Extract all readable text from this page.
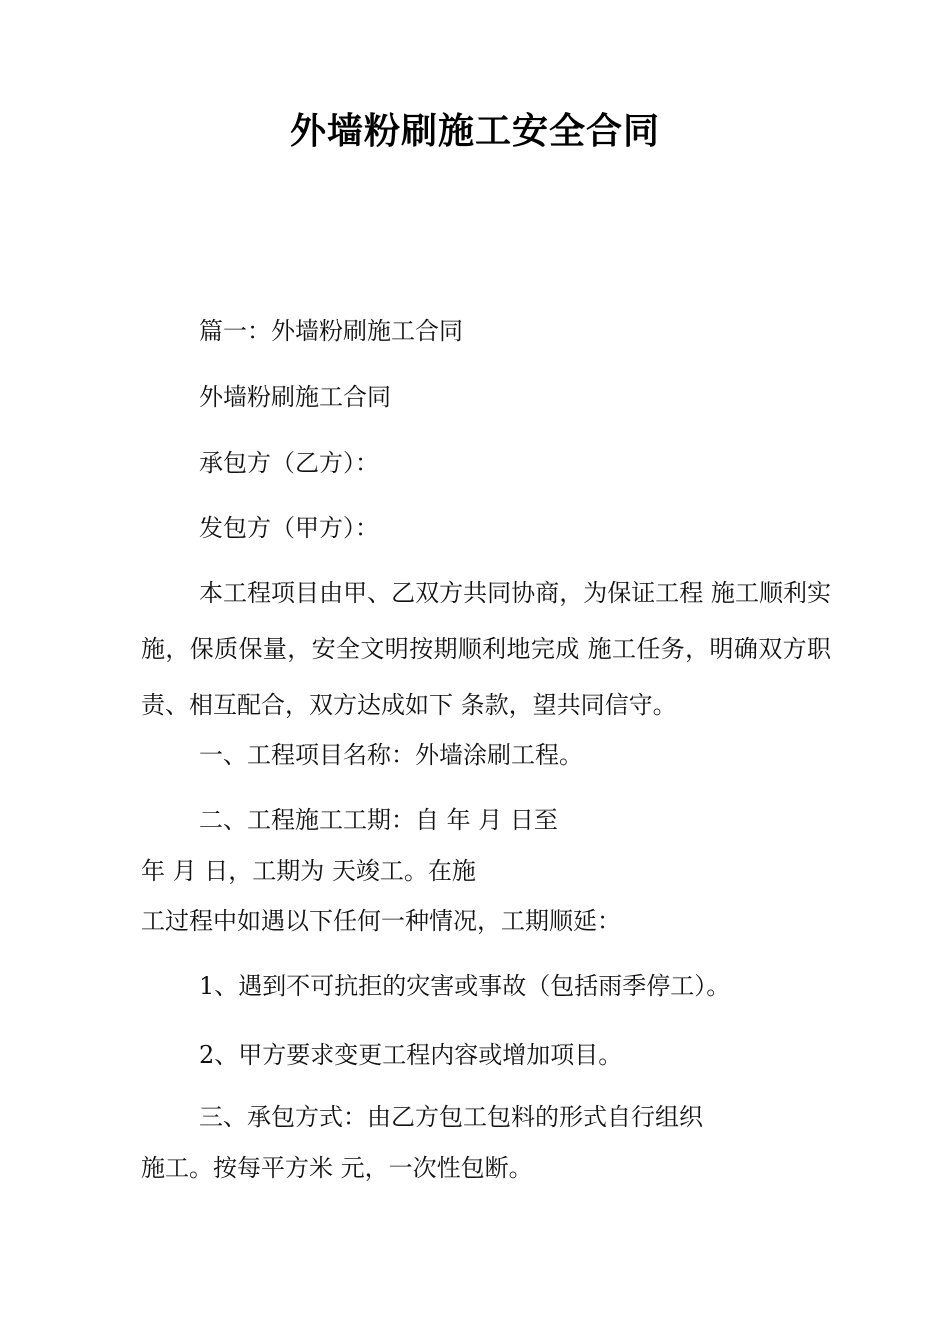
外墙粉刷施工安全合同
篇一：外墙粉刷施工合同
外墙粉刷施工合同
承包方（乙方）：
发包方（甲方）：
本工程项目由甲、乙双方共同协商，为保证工程 施工顺利实施，保质保量，安全文明按期顺利地完成 施工任务，明确双方职责、相互配合，双方达成如下 条款，望共同信守。
一、工程项目名称：外墙涂刷工程。
二、工程施工工期：自 年 月 日至
年 月 日，工期为 天竣工。在施
工过程中如遇以下任何一种情况，工期顺延：
1、遇到不可抗拒的灾害或事故（包括雨季停工）。
2、甲方要求变更工程内容或增加项目。
三、承包方式：由乙方包工包料的形式自行组织
施工。按每平方米 元，一次性包断。
